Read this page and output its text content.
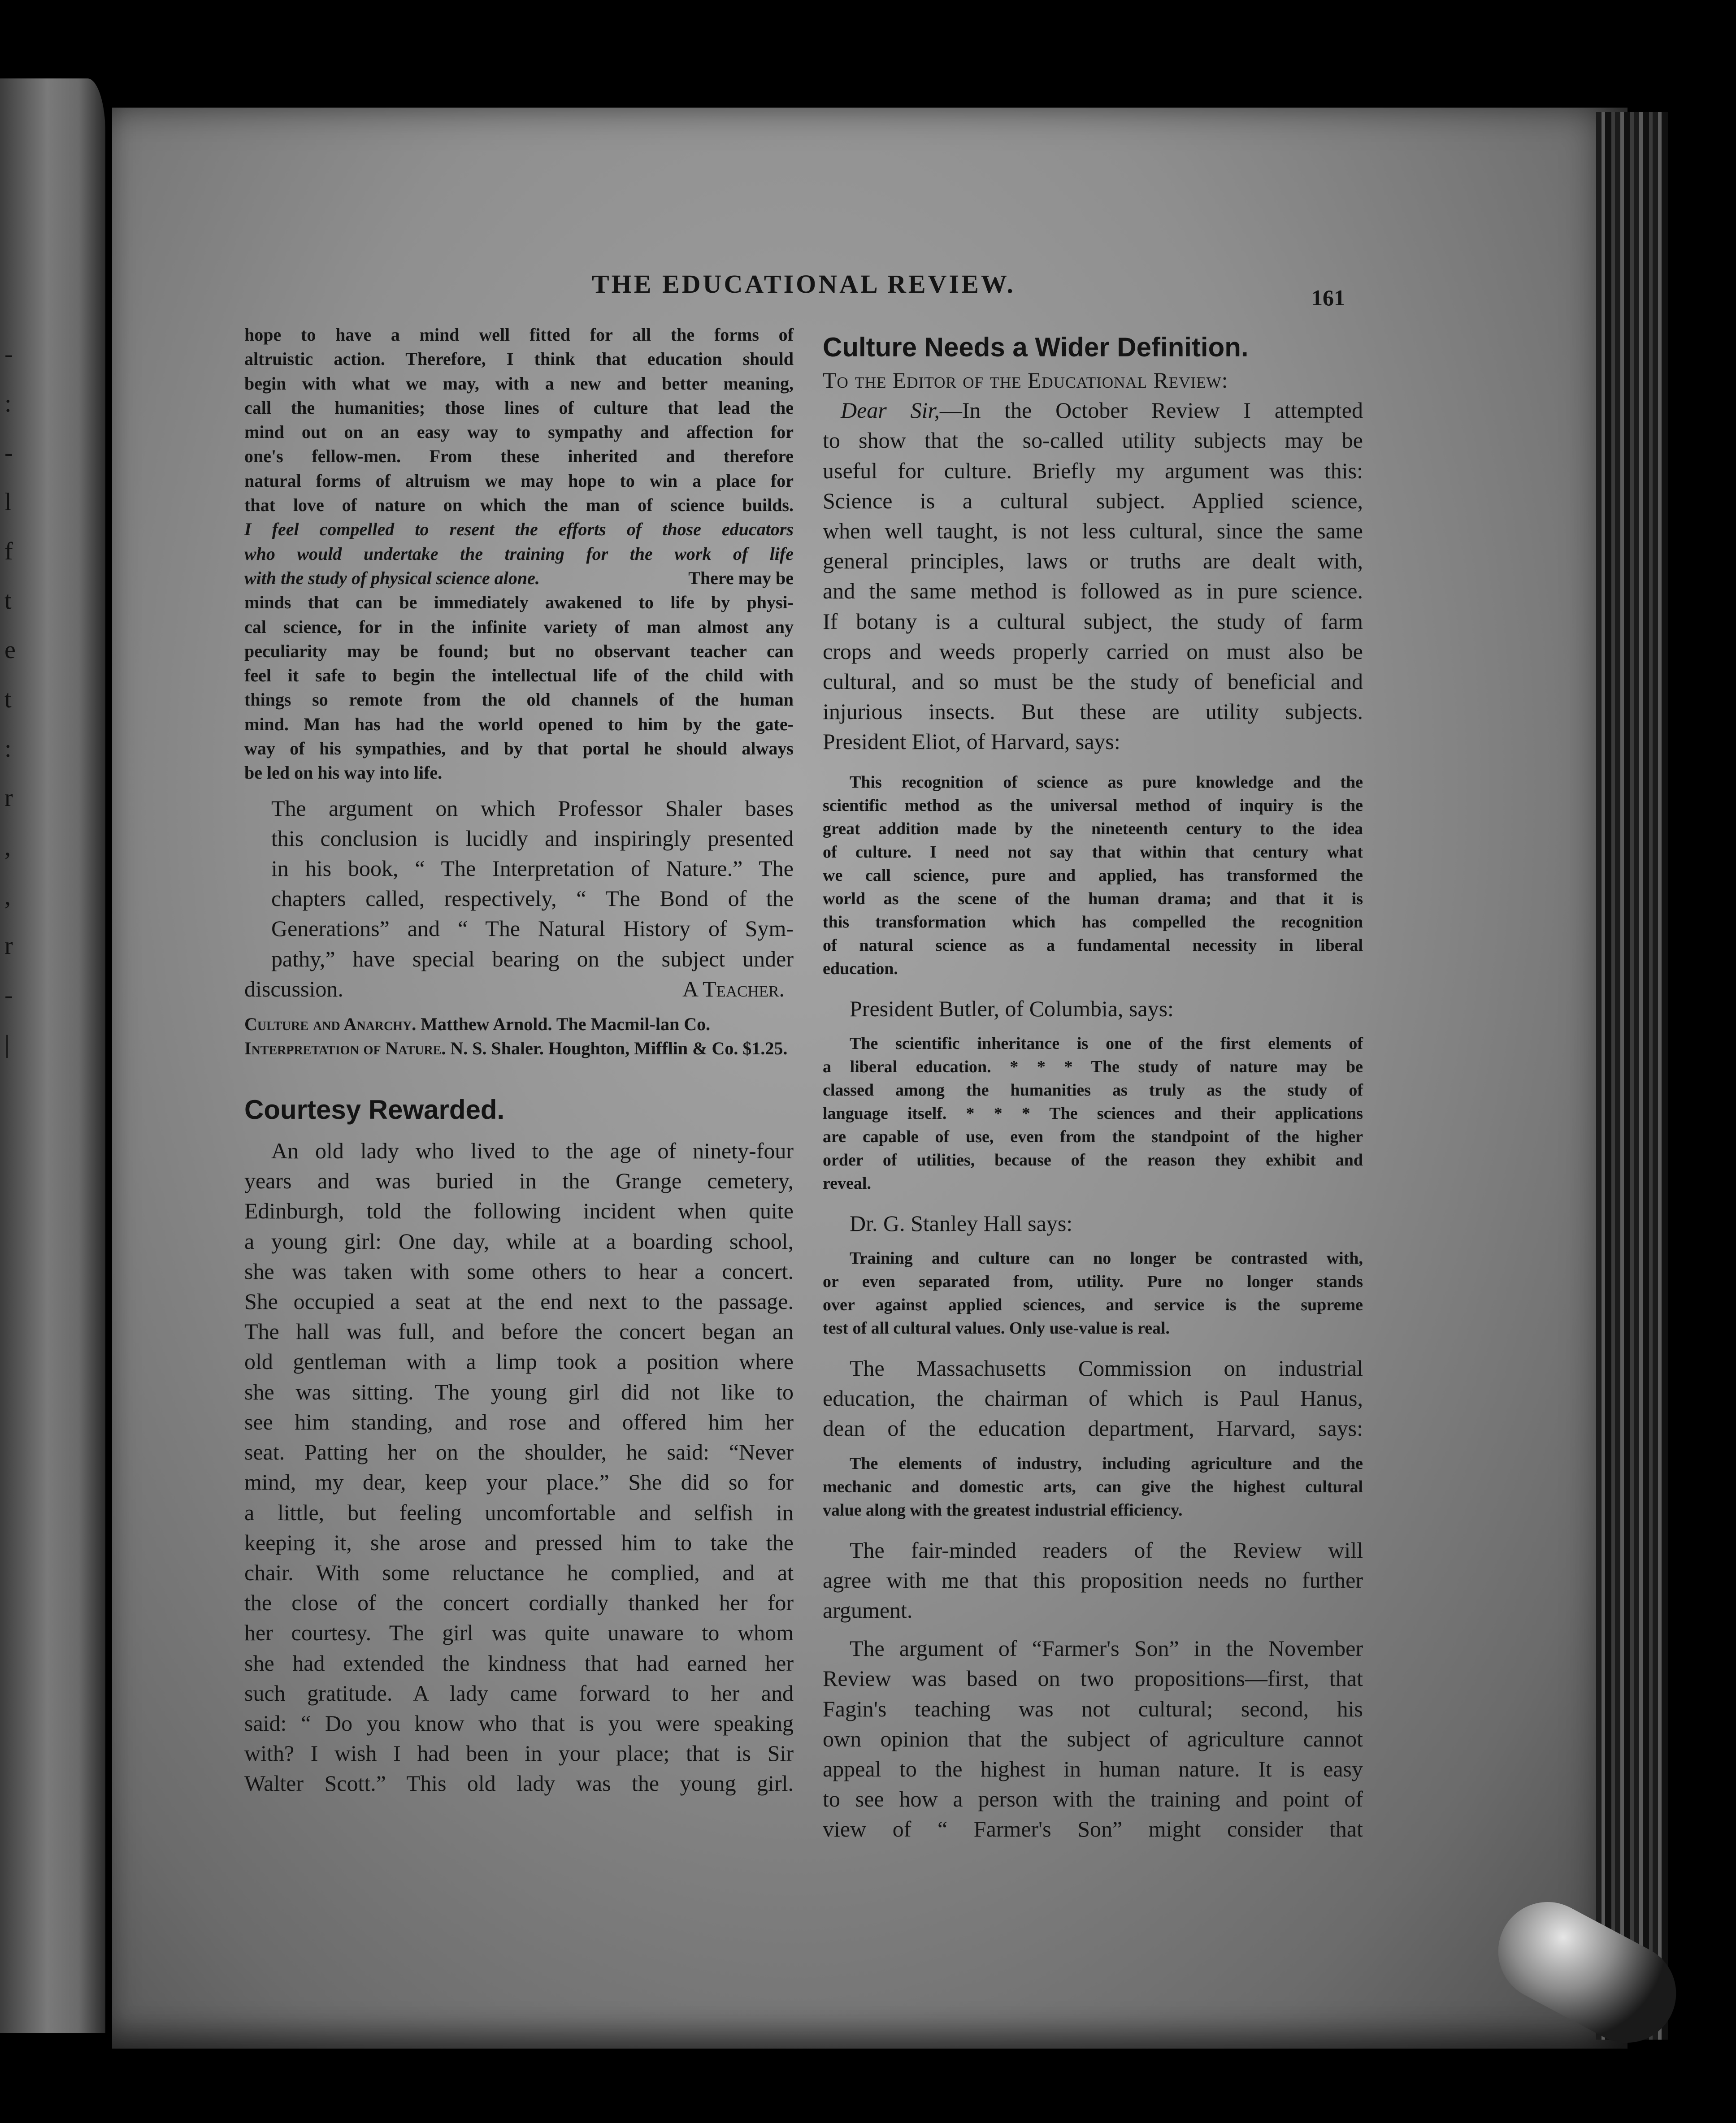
-
:
-
l
f
t
e
t
:
r
,
,
r
-
|
THE EDUCATIONAL REVIEW.	161
hope to have a mind well fitted for all the forms of
altruistic action. Therefore, I think that education should
begin with what we may, with a new and better meaning,
call the humanities; those lines of culture that lead the
mind out on an easy way to sympathy and affection for
one's fellow-men. From these inherited and therefore
natural forms of altruism we may hope to win a place for
that love of nature on which the man of science builds.
I feel compelled to resent the efforts of those educators
who would undertake the training for the work of life
with the study of physical science alone.	There may be
minds that can be immediately awakened to life by physi-
cal science, for in the infinite variety of man almost any
peculiarity may be found; but no observant teacher can
feel it safe to begin the intellectual life of the child with
things so remote from the old channels of the human
mind. Man has had the world opened to him by the gate-
way of his sympathies, and by that portal he should always
be led on his way into life.
The argument on which Professor Shaler bases
this conclusion is lucidly and inspiringly presented
in his book, “ The Interpretation of Nature.” The
chapters called, respectively, “ The Bond of the
Generations” and “ The Natural History of Sym-
pathy,” have special bearing on the subject under
discussion.	A Teacher.

Culture and Anarchy. Matthew Arnold. The Macmil-lan Co.

Interpretation of Nature. N. S. Shaler. Houghton, Mifflin & Co. $1.25.

Courtesy Rewarded.

An old lady who lived to the age of ninety-four
years and was buried in the Grange cemetery,
Edinburgh, told the following incident when quite
a young girl: One day, while at a boarding school,
she was taken with some others to hear a concert.
She occupied a seat at the end next to the passage.
The hall was full, and before the concert began an
old gentleman with a limp took a position where
she was sitting. The young girl did not like to
see him standing, and rose and offered him her
seat. Patting her on the shoulder, he said: “Never
mind, my dear, keep your place.” She did so for
a little, but feeling uncomfortable and selfish in
keeping it, she arose and pressed him to take the
chair. With some reluctance he complied, and at
the close of the concert cordially thanked her for
her courtesy. The girl was quite unaware to whom
she had extended the kindness that had earned her
such gratitude. A lady came forward to her and
said: “ Do you know who that is you were speaking
with? I wish I had been in your place; that is Sir
Walter Scott.” This old lady was the young girl.

Culture Needs a Wider Definition.

To the Editor of the Educational Review:
Dear Sir,—In the October Review I attempted
to show that the so-called utility subjects may be
useful for culture. Briefly my argument was this:
Science is a cultural subject. Applied science,
when well taught, is not less cultural, since the same
general principles, laws or truths are dealt with,
and the same method is followed as in pure science.
If botany is a cultural subject, the study of farm
crops and weeds properly carried on must also be
cultural, and so must be the study of beneficial and
injurious insects. But these are utility subjects.
President Eliot, of Harvard, says:
This recognition of science as pure knowledge and the
scientific method as the universal method of inquiry is the
great addition made by the nineteenth century to the idea
of culture. I need not say that within that century what
we call science, pure and applied, has transformed the
world as the scene of the human drama; and that it is
this transformation which has compelled the recognition
of natural science as a fundamental necessity in liberal
education.
President Butler, of Columbia, says:
The scientific inheritance is one of the first elements of
a liberal education. * * * The study of nature may be
classed among the humanities as truly as the study of
language itself. * * * The sciences and their applications
are capable of use, even from the standpoint of the higher
order of utilities, because of the reason they exhibit and
reveal.
Dr. G. Stanley Hall says:
Training and culture can no longer be contrasted with,
or even separated from, utility. Pure no longer stands
over against applied sciences, and service is the supreme
test of all cultural values. Only use-value is real.
The Massachusetts Commission on industrial
education, the chairman of which is Paul Hanus,
dean of the education department, Harvard, says:
The elements of industry, including agriculture and the
mechanic and domestic arts, can give the highest cultural
value along with the greatest industrial efficiency.
The fair-minded readers of the Review will
agree with me that this proposition needs no further
argument.
The argument of “Farmer's Son” in the November
Review was based on two propositions—first, that
Fagin's teaching was not cultural; second, his
own opinion that the subject of agriculture cannot
appeal to the highest in human nature. It is easy
to see how a person with the training and point of
view of “ Farmer's Son” might consider that
